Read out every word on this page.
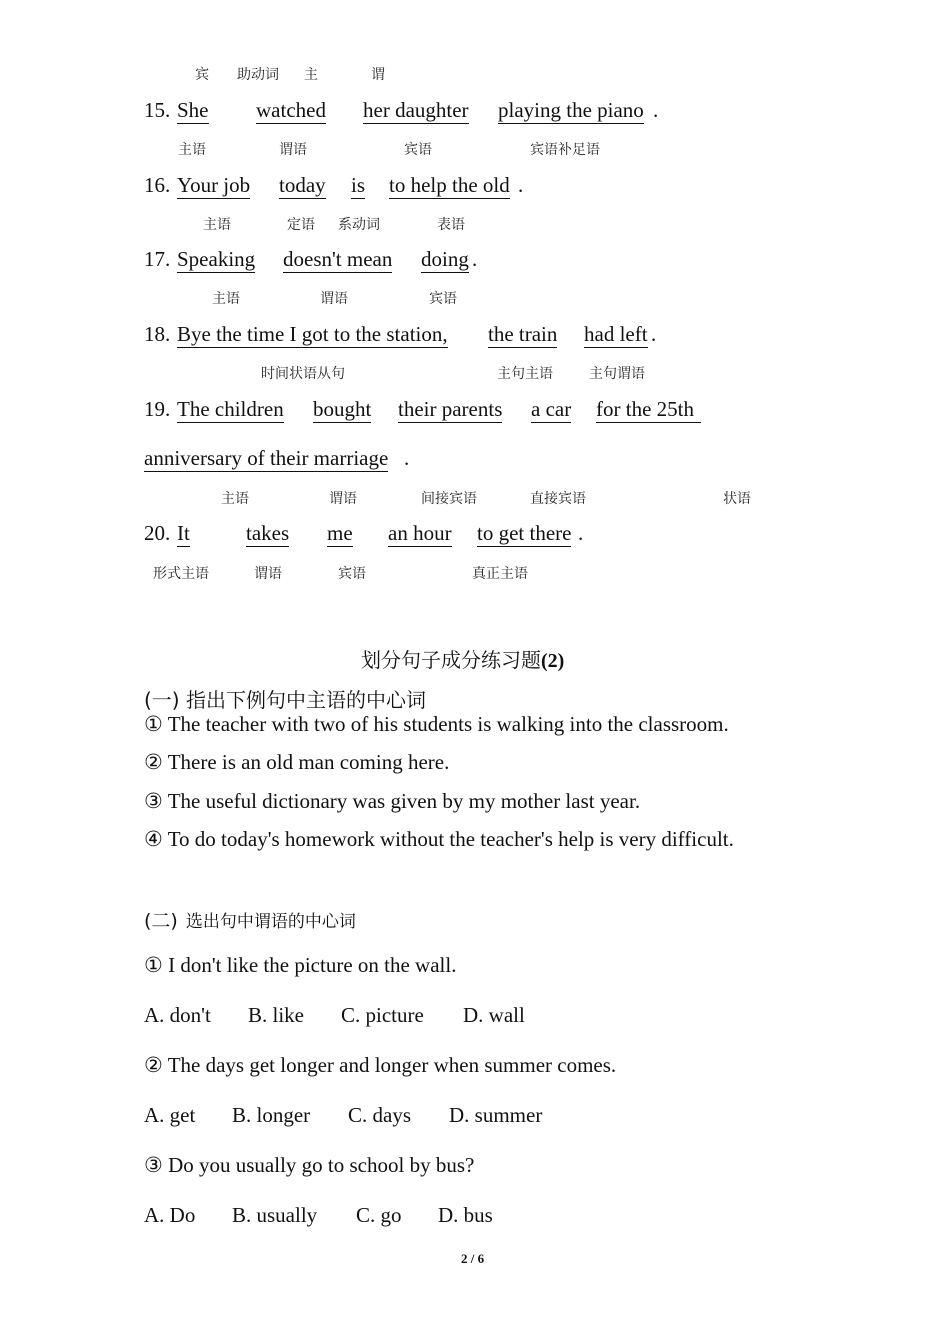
宾 助动词 主	谓
15. She watched her daughter playing the piano .
主语	谓语	宾语	宾语补足语
16. Your job today is to help the old .
主语	定语 系动词	表语
17. Speaking doesn't mean doing .
主语	谓语	宾语
18. Bye the time I got to the station, the train had left .
时间状语从句	主句主语	主句谓语
19. The children bought their parents a car for the 25th
anniversary of their marriage .
主语	谓语	间接宾语	直接宾语	状语
20. It	takes me an hour to get there .
形式主语	谓语	宾语	真正主语
划分句子成分练习题(2)
(一) 指出下例句中主语的中心词
① The teacher with two of his students is walking into the classroom.
② There is an old man coming here.
③ The useful dictionary was given by my mother last year.
④ To do today's homework without the teacher's help is very difficult.
(二) 选出句中谓语的中心词
① I don't like the picture on the wall.
A. don't B. like C. picture D. wall
② The days get longer and longer when summer comes.
A. get B. longer C. days D. summer
③ Do you usually go to school by bus?
A. Do B. usually C. go D. bus
2 / 6
